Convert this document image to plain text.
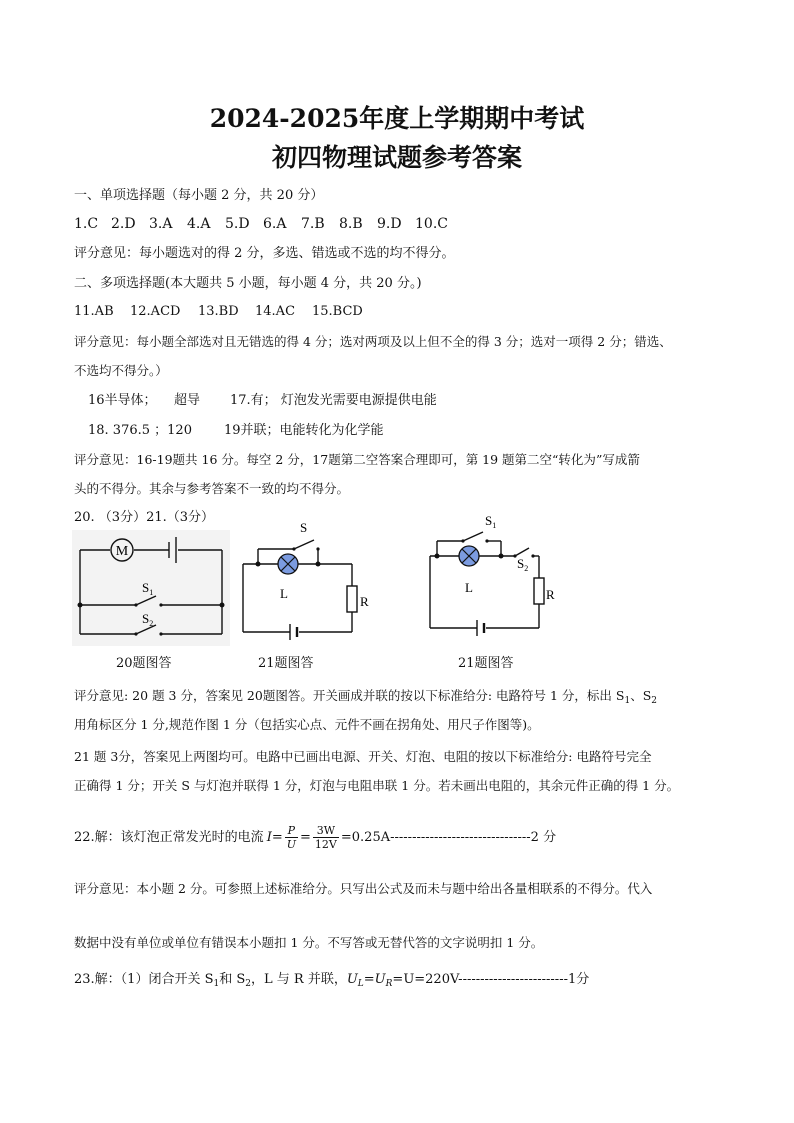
2024-2025年度上学期期中考试
初四物理试题参考答案
一、单项选择题（每小题 2 分，共 20 分）
1.C 2.D 3.A 4.A 5.D 6.A 7.B 8.B 9.D 10.C
评分意见：每小题选对的得 2 分，多选、错选或不选的均不得分。
二、多项选择题(本大题共 5 小题，每小题 4 分，共 20 分。)
11.AB 12.ACD 13.BD 14.AC 15.BCD
评分意见：每小题全部选对且无错选的得 4 分；选对两项及以上但不全的得 3 分；选对一项得 2 分；错选、
不选均不得分。）
16半导体； 超导 17.有； 灯泡发光需要电源提供电能
18. 376.5 ；120 19并联；电能转化为化学能
评分意见：16-19题共 16 分。每空 2 分，17题第二空答案合理即可，第 19 题第二空“转化为”写成箭
头的不得分。其余与参考答案不一致的均不得分。
20. （3分）21.（3分）
M
$S_1$
$S_2$
20题图答
S
L
R
21题图答
$S_1$
$S_2$
L	R
21题图答
评分意见: 20 题 3 分，答案见 20题图答。开关画成并联的按以下标准给分: 电路符号 1 分，标出 $S_1$、$S_2$
用角标区分 1 分,规范作图 1 分（包括实心点、元件不画在拐角处、用尺子作图等)。
21 题 3分，答案见上两图均可。电路中已画出电源、开关、灯泡、电阻的按以下标准给分: 电路符号完全
正确得 1 分；开关 S 与灯泡并联得 1 分，灯泡与电阻串联 1 分。若未画出电阻的，其余元件正确的得 1 分。
22.解：该灯泡正常发光时的电流 $I= \frac{P}{U} = \frac{3W}{12V} =0.25A--------------------------------2$ 分
评分意见：本小题 2 分。可参照上述标准给分。只写出公式及而未与题中给出各量相联系的不得分。代入
数据中没有单位或单位有错误本小题扣 1 分。不写答或无替代答的文字说明扣 1 分。
23.解：（1）闭合开关 $S_1$和 $S_2$，L 与 R 并联，$U_L=U_R=U=220V-------------------------1$分
